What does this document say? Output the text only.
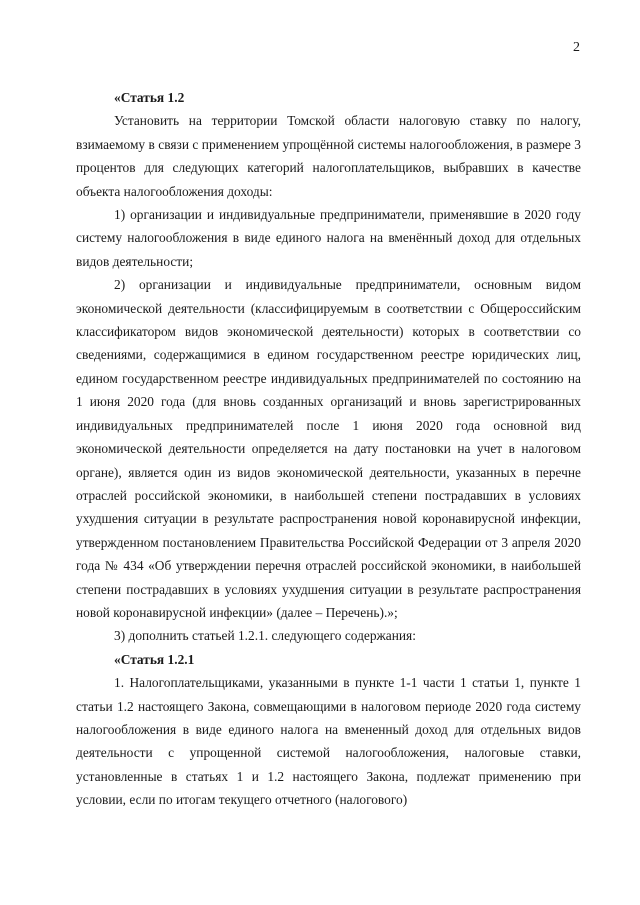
2

«Статья 1.2

Установить на территории Томской области налоговую ставку по налогу, взимаемому в связи с применением упрощённой системы налогообложения, в размере 3 процентов для следующих категорий налогоплательщиков, выбравших в качестве объекта налогообложения доходы:

1) организации и индивидуальные предприниматели, применявшие в 2020 году систему налогообложения в виде единого налога на вменённый доход для отдельных видов деятельности;

2) организации и индивидуальные предприниматели, основным видом экономической деятельности (классифицируемым в соответствии с Общероссийским классификатором видов экономической деятельности) которых в соответствии со сведениями, содержащимися в едином государственном реестре юридических лиц, едином государственном реестре индивидуальных предпринимателей по состоянию на 1 июня 2020 года (для вновь созданных организаций и вновь зарегистрированных индивидуальных предпринимателей после 1 июня 2020 года основной вид экономической деятельности определяется на дату постановки на учет в налоговом органе), является один из видов экономической деятельности, указанных в перечне отраслей российской экономики, в наибольшей степени пострадавших в условиях ухудшения ситуации в результате распространения новой коронавирусной инфекции, утвержденном постановлением Правительства Российской Федерации от 3 апреля 2020 года № 434 «Об утверждении перечня отраслей российской экономики, в наибольшей степени пострадавших в условиях ухудшения ситуации в результате распространения новой коронавирусной инфекции» (далее – Перечень).»;

3) дополнить статьей 1.2.1. следующего содержания:

«Статья 1.2.1

1. Налогоплательщиками, указанными в пункте 1-1 части 1 статьи 1, пункте 1 статьи 1.2 настоящего Закона, совмещающими в налоговом периоде 2020 года систему налогообложения в виде единого налога на вмененный доход для отдельных видов деятельности с упрощенной системой налогообложения, налоговые ставки, установленные в статьях 1 и 1.2 настоящего Закона, подлежат применению при условии, если по итогам текущего отчетного (налогового)
